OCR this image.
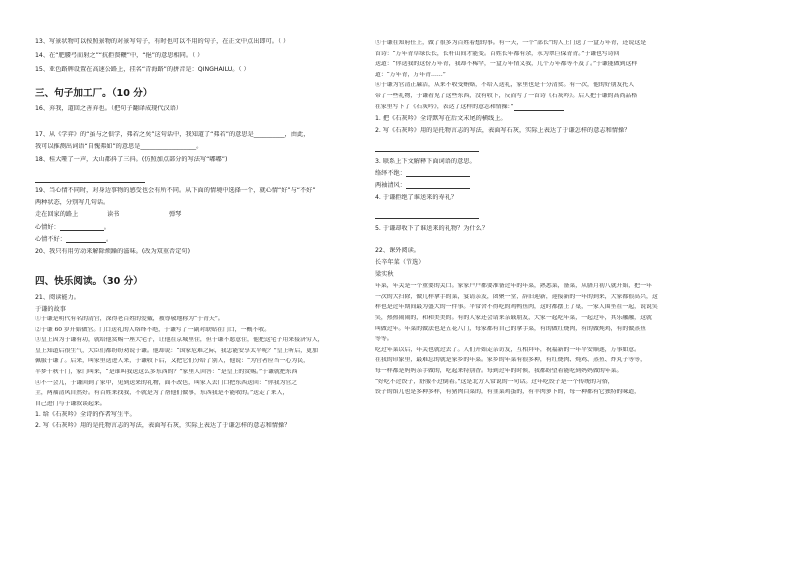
13、写景状物可以按照景物的对景写句子，有时也可以不用的句子，在正文中点出即可。（ ）

14、在“肥腰弓而射之”“抗拒赘鞭”中，“挹”的意思相同。（ ）

15、亚色路牌设置在高速公路上，挂名“青海路”的拼音是：QINGHAILU。（ ）

三、句子加工厂。（10 分）

16、弃我，道回之善弃也。（把句子翻译成现代汉语）

17、从《学弈》的“虽与之俱学，弗若之矣”这句话中，我知道了“弗若”的意思是__________，由此，

我可以推测出词语“自愧弗如”的意思是__________________。

18、桂大哑了一声，大山都抖了三抖。(仿照加点部分的写法写“嘟嘟”)

19、当心情不同时，对身边事物的感受也会有所不同。从下面的情境中选择一个，就心情“好”与“不好”

两种状态，分别写几句话。

走在回家的路上	读书	弹琴
心情好：	。
心情不好：	。

20、我只有用劳动来解除烦躁的滋味。(改为双重否定句)

四、快乐阅读。（30 分）

21、阅读能力。

于谦的故事

①于谦是明代有名的清官，深得老百姓的爱戴，被尊敬地称为“于青天”。

②于谦 60 岁开始做官。门口送礼的人络绎不绝，于谦写了一副对联贴在门口，一概不收。

③皇上因为于谦有功，就给他赏赐一座大宅子，让他在京城里住，但于谦不愿意住，他把这宅子用来接济穷人，

皇上知道后很生气，大臣们都纷纷劝说于谦。他却说：“国家危难之际，我怎能安享太平呢？”皇上听后，更加

佩服于谦了。后来，叫家里送进人来，于谦收下后，又把它们分给了别人，他说：“为官者应当一心为民，

半梦千秋千门，家门叫来，“是谁叫我送这么多东西的？”家里人回答：“是皇上的赏赐。”于谦就把东西

④不一会儿，于谦回到了家中，见到送来的礼物，面不改色，叫家人去门口把东西送回：“你我为官之

主，两袖清风自然好。有百姓来找我，不就是为了帮他们做事，东西我是不能收的。”送走了来人，

自己进门与于谦叙谈起来。

1. 给《石灰吟》全诗的作者写生平。

2. 写《石灰吟》用的是托物言志的写法，表面写石灰，实际上表达了于谦怎样的意志和情操？

⑤于谦在知府任上，做了很多为百姓着想的事。有一天，一个“部长”的人上门送了一盒万年青，还说这是

首诗：“万年青草绿长长，长杆山间才能变。百姓长年都有余，永为翠巨保青青。”于谦也写诗回

送道：“你送我的这份万年青，我却不稀罕，一盒万年情义我，几个万年都等不及了。”于谦能做到这样

道：“万年青，万年青……”

⑥于谦为官清正廉洁，从来不收受贿赂，不给人送礼，家里也是十分清贫。有一次，他的好朋友托人

带了一些礼物，于谦看见了这些东西，没有收下，反而写了一首诗《石灰吟》。后人把于谦的高尚品格

在家里写下了《石灰吟》，表达了这样的意志和情操：”

1. 把《石灰吟》全诗默写在后文末尾的横线上。

2. 写《石灰吟》用的是托物言志的写法，表面写石灰，实际上表达了于谦怎样的意志和情操？

3. 联系上下文解释下面词语的意思。

络绎不绝：
两袖清风：

4. 于谦拒绝了谁送来的寿礼？

5. 于谦却收下了谁送来的礼物？为什么？

22、课外阅读。

长辛年菜（节选）

梁实秋

年菜，年关是一个重要的关口。家家户户都要准备过年的年菜，熟悉菜，备菜，从腊月初八就开始，把一年

一次的大扫除，做几样拿手的菜，宴请亲友，团聚一堂，辞旧迎新，迎接新的一年的到来，大家都很高兴，这

样也是过年期间最为盛大的一件事。平常舍不得吃的鸡鸭鱼肉，这时都摆上了桌，一家人围坐在一起，说说笑

笑，热热闹闹的，和和美美的。有的人家还会请来亲戚朋友，大家一起吃年菜，一起过年，其乐融融，这就

叫做过年。年菜的做法也是五花八门，每家都有自己的拿手菜，有的做红烧肉，有的做炖鸡，有的做蒸鱼

等等。

吃过年菜以后，年关也就过去了。人们开始走亲访友，互相拜年，祝福新的一年平安顺遂，万事如意。

在我的印象里，最难忘的就是家乡的年菜。家乡的年菜有很多种，有红烧肉、炖鸡、蒸鱼、炸丸子等等，

每一样都是妈妈亲手做的，吃起来特别香。每到过年的时候，我都盼望着能吃到妈妈做的年菜。

“好吃不过饺子，舒服不过倒着。”这是北方人常说的一句话。过年吃饺子是一个传统的习俗，

饺子的馅儿也是多种多样，有猪肉白菜的，有韭菜鸡蛋的，有羊肉萝卜的，每一种都有它独特的味道，
